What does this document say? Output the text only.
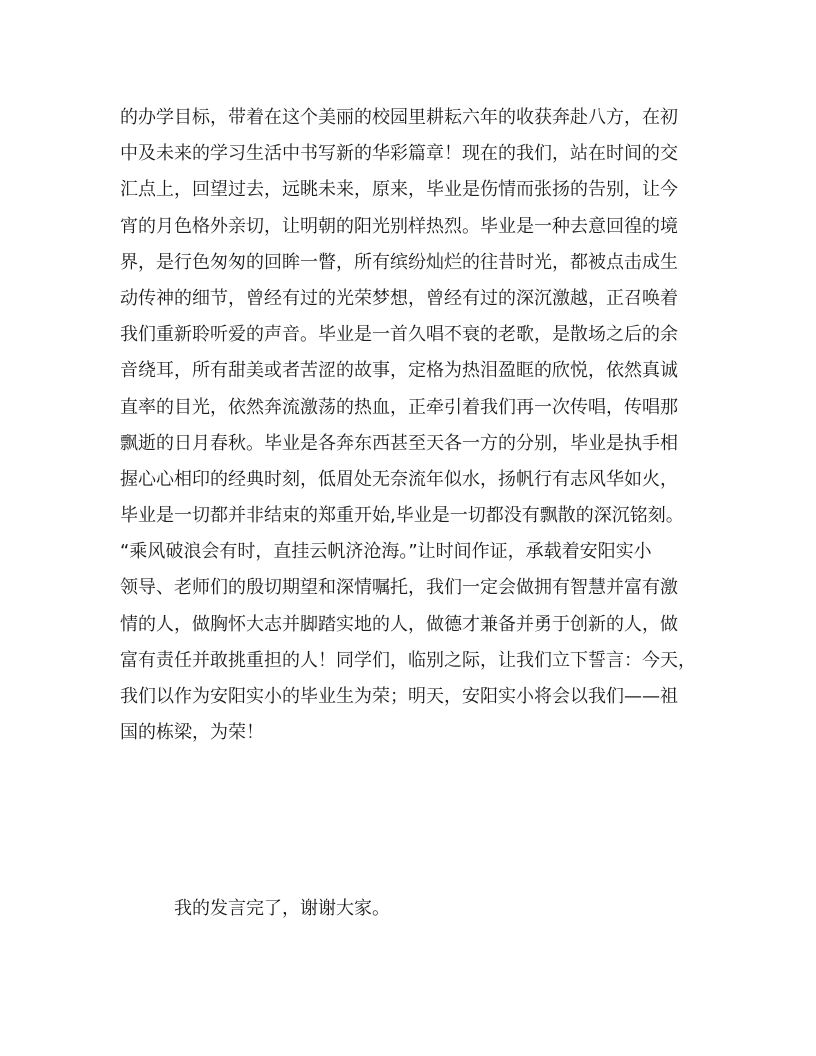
的办学目标，带着在这个美丽的校园里耕耘六年的收获奔赴八方，在初
中及未来的学习生活中书写新的华彩篇章！现在的我们，站在时间的交
汇点上，回望过去，远眺未来，原来，毕业是伤情而张扬的告别，让今
宵的月色格外亲切，让明朝的阳光别样热烈。毕业是一种去意回徨的境
界，是行色匆匆的回眸一瞥，所有缤纷灿烂的往昔时光，都被点击成生
动传神的细节，曾经有过的光荣梦想，曾经有过的深沉激越，正召唤着
我们重新聆听爱的声音。毕业是一首久唱不衰的老歌，是散场之后的余
音绕耳，所有甜美或者苦涩的故事，定格为热泪盈眶的欣悦，依然真诚
直率的目光，依然奔流激荡的热血，正牵引着我们再一次传唱，传唱那
飘逝的日月春秋。毕业是各奔东西甚至天各一方的分别，毕业是执手相
握心心相印的经典时刻，低眉处无奈流年似水，扬帆行有志风华如火，
毕业是一切都并非结束的郑重开始,毕业是一切都没有飘散的深沉铭刻。
“乘风破浪会有时，直挂云帆济沧海。”让时间作证，承载着安阳实小
领导、老师们的殷切期望和深情嘱托，我们一定会做拥有智慧并富有激
情的人，做胸怀大志并脚踏实地的人，做德才兼备并勇于创新的人，做
富有责任并敢挑重担的人！同学们，临别之际，让我们立下誓言：今天，
我们以作为安阳实小的毕业生为荣；明天，安阳实小将会以我们——祖
国的栋梁，为荣！
我的发言完了，谢谢大家。
